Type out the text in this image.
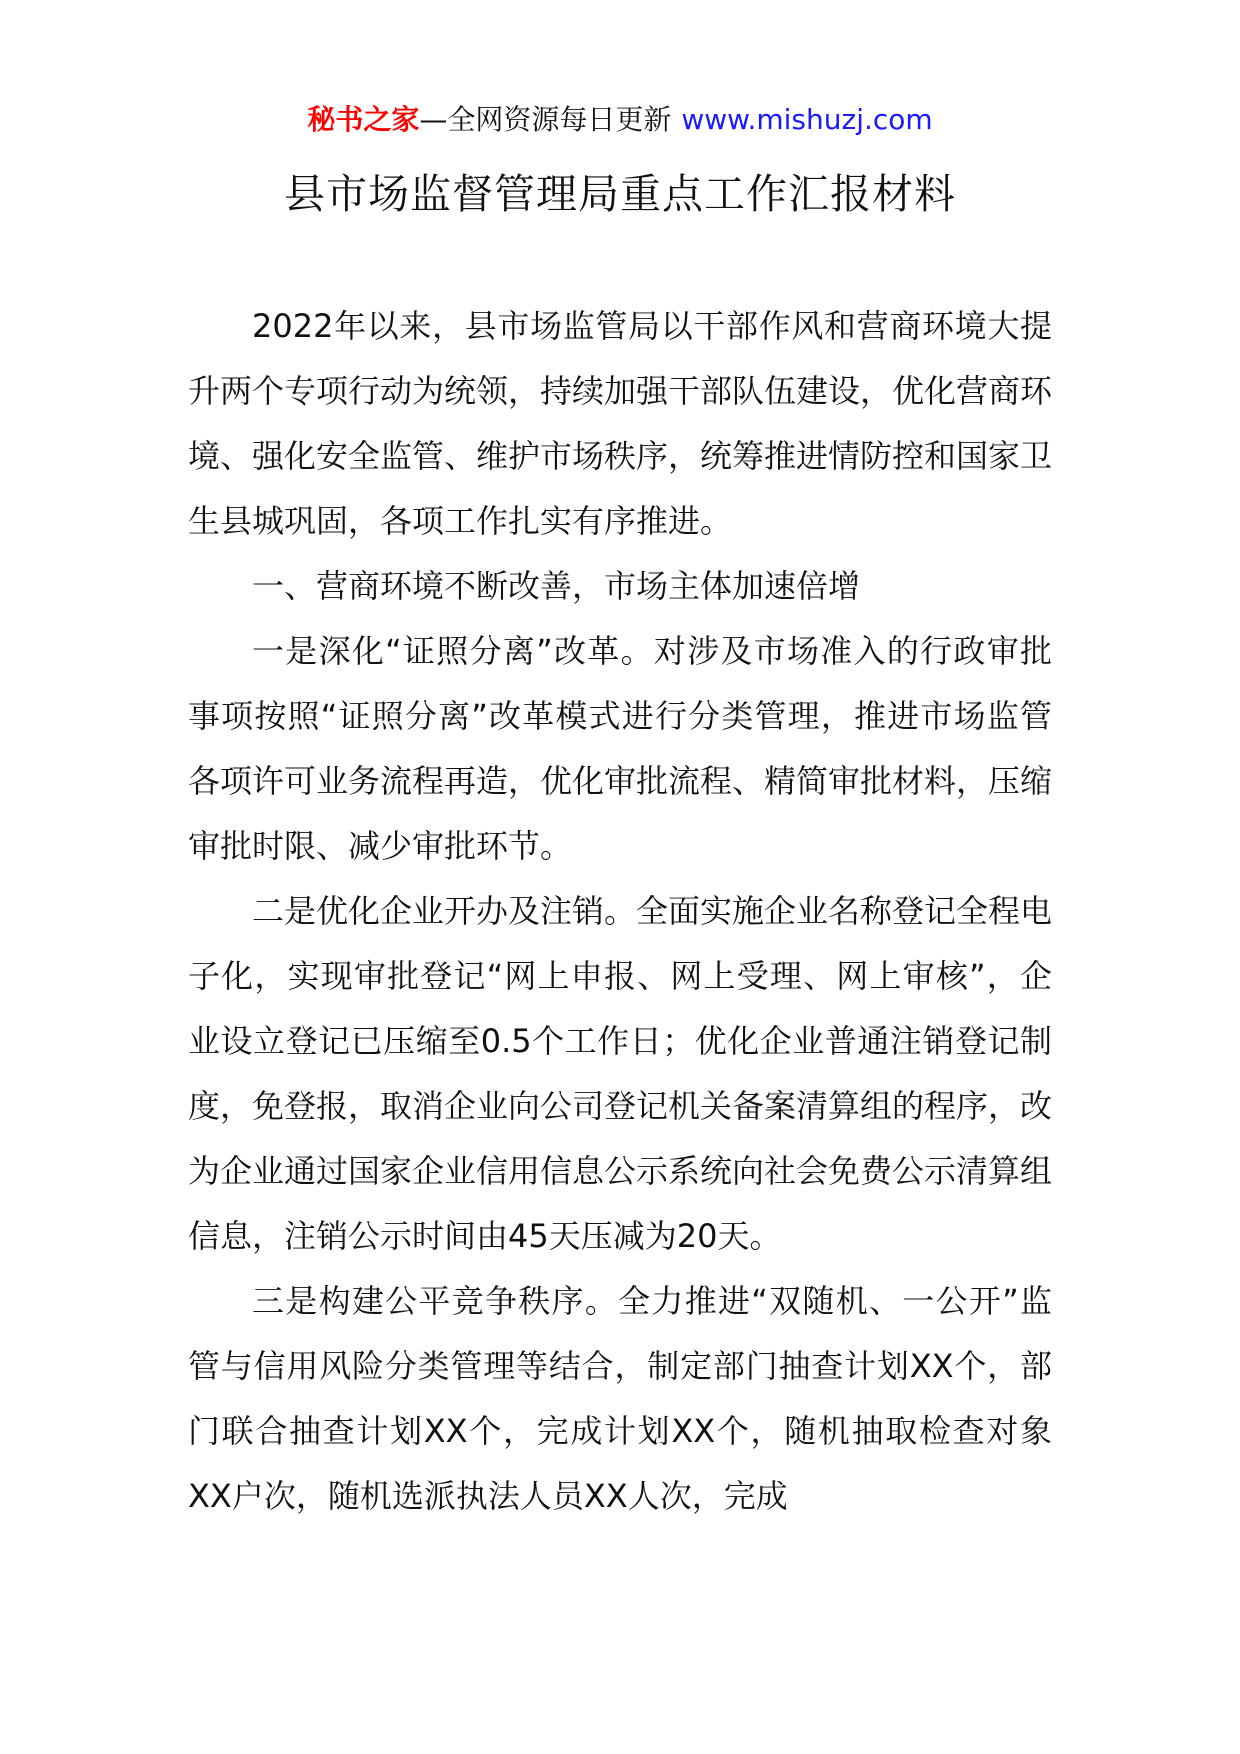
秘书之家—全网资源每日更新 www.mishuzj.com
县市场监督管理局重点工作汇报材料

2022年以来，县市场监管局以干部作风和营商环境大提升两个专项行动为统领，持续加强干部队伍建设，优化营商环境、强化安全监管、维护市场秩序，统筹推进情防控和国家卫生县城巩固，各项工作扎实有序推进。

一、营商环境不断改善，市场主体加速倍增

一是深化“证照分离”改革。对涉及市场准入的行政审批事项按照“证照分离”改革模式进行分类管理，推进市场监管各项许可业务流程再造，优化审批流程、精简审批材料，压缩审批时限、减少审批环节。

二是优化企业开办及注销。全面实施企业名称登记全程电子化，实现审批登记“网上申报、网上受理、网上审核”，企业设立登记已压缩至0.5个工作日；优化企业普通注销登记制度，免登报，取消企业向公司登记机关备案清算组的程序，改为企业通过国家企业信用信息公示系统向社会免费公示清算组信息，注销公示时间由45天压减为20天。

三是构建公平竞争秩序。全力推进“双随机、一公开”监管与信用风险分类管理等结合，制定部门抽查计划XX个，部门联合抽查计划XX个，完成计划XX个，随机抽取检查对象XX户次，随机选派执法人员XX人次，完成
